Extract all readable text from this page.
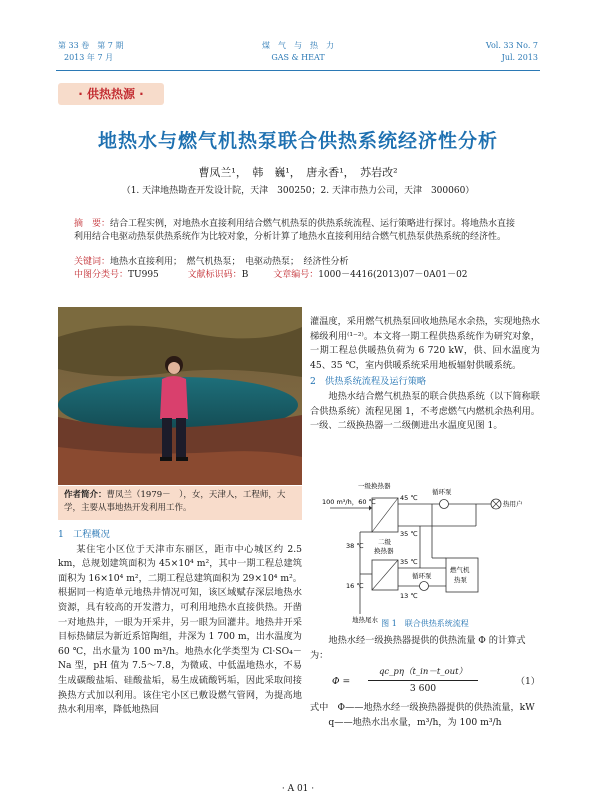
第 33 卷　第 7 期
2013 年 7 月
煤　气　与　热　力
GAS & HEAT
Vol. 33 No. 7
Jul. 2013
· 供热热源 ·
地热水与燃气机热泵联合供热系统经济性分析
曹凤兰¹，　韩　巍¹，　唐永香¹，　苏岩改²
（1. 天津地热勘查开发设计院，天津　300250；2. 天津市热力公司，天津　300060）
摘　要：结合工程实例，对地热水直接利用结合燃气机热泵的供热系统流程、运行策略进行探讨。将地热水直接利用结合电驱动热泵供热系统作为比较对象，分析计算了地热水直接利用结合燃气机热泵供热系统的经济性。
关键词：地热水直接利用；　燃气机热泵；　电驱动热泵；　经济性分析
中图分类号：TU995	文献标识码：B	文章编号：1000－4416(2013)07－0A01－02
作者简介：曹凤兰（1979－　），女，天津人，工程师，大学，主要从事地热开发利用工作。

1　工程概况

某住宅小区位于天津市东丽区，距市中心城区约 2.5 km，总规划建筑面积为 45×10⁴ m²，其中一期工程总建筑面积为 16×10⁴ m²，二期工程总建筑面积为 29×10⁴ m²。根据同一构造单元地热井情况可知，该区域赋存深层地热水资源，具有较高的开发潜力，可利用地热水直接供热。开凿一对地热井，一眼为开采井，另一眼为回灌井。地热井开采目标热储层为新近系馆陶组，井深为 1 700 m，出水温度为 60 ℃，出水量为 100 m³/h。地热水化学类型为 Cl·SO₄－Na 型，pH 值为 7.5～7.8，为微咸、中低温地热水，不易生成碳酸盐垢、硅酸盐垢，易生成硫酸钙垢，因此采取间接换热方式加以利用。该住宅小区已敷设燃气管网，为提高地热水利用率，降低地热回

灌温度，采用燃气机热泵回收地热尾水余热，实现地热水梯级利用⁽¹⁻²⁾。本文将一期工程供热系统作为研究对象，一期工程总供暖热负荷为 6 720 kW，供、回水温度为 45、35 ℃，室内供暖系统采用地板辐射供暖系统。

2　供热系统流程及运行策略

地热水结合燃气机热泵的联合供热系统（以下简称联合供热系统）流程见图 1，不考虑燃气内燃机余热利用。一级、二级换热器一二级侧进出水温度见图 1。

一级换热器
二级
换热器
100 m³/h，60 ℃
38 ℃
16 ℃
地热尾水
45 ℃
35 ℃
循环泵
热用户
燃气机
热泵
35 ℃
13 ℃
循环泵
图 1　联合供热系统流程

地热水经一级换热器提供的供热流量 Φ 的计算式为：

Φ =
qc_pη（t_in－t_out）
3 600
（1）

式中　Φ——地热水经一级换热器提供的供热流量，kW

q——地热水出水量，m³/h，为 100 m³/h

· A 01 ·
